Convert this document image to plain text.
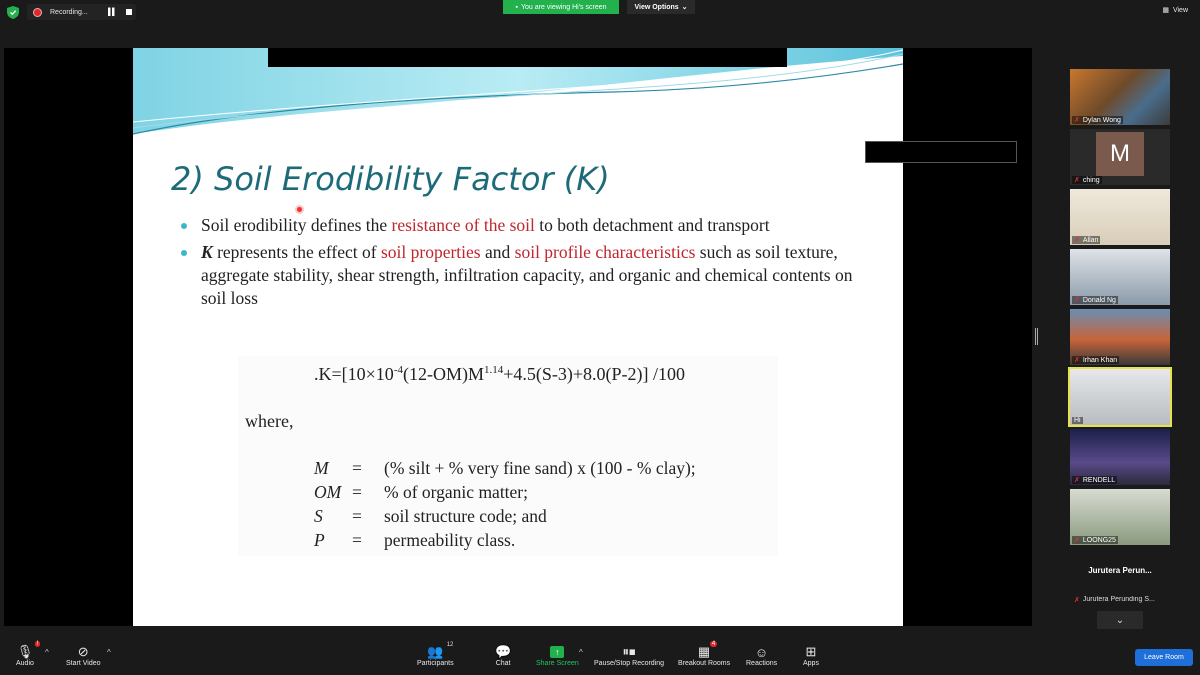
Recording...	▌▌
▪ You are viewing Hi's screen	View Options ⌄	▦ View
2) Soil Erodibility Factor (K)
Soil erodibility defines the resistance of the soil to both detachment and transport
K represents the effect of soil properties and soil profile characteristics such as soil texture, aggregate stability, shear strength, infiltration capacity, and organic and chemical contents on soil loss
$.K=[10\times 10^{-4}(12-OM)M^{1.14}+4.5(S-3)+8.0(P-2)]$ /100
where,
M	=	(% silt + % very fine sand) x (100 - % clay);
OM =	% of organic matter;
S	=	soil structure code; and
P	=	permeability class.
✗ Dylan Wong
M
✗ ching
✗ Allan
✗ Donald Ng
✗ Irhan Khan
Hi
✗ RENDELL
✗ LOONG25
Jurutera Perun...
✗ Jurutera Perunding S...
⌄
🎙 !
Audio
^ ⊘
Start Video
^	👥 12
Participants
💬
Chat
↑
Share Screen
^	⏸⏹
Pause/Stop Recording
▦ 4
Breakout Rooms
☺
Reactions
⊞
Apps
Leave Room
